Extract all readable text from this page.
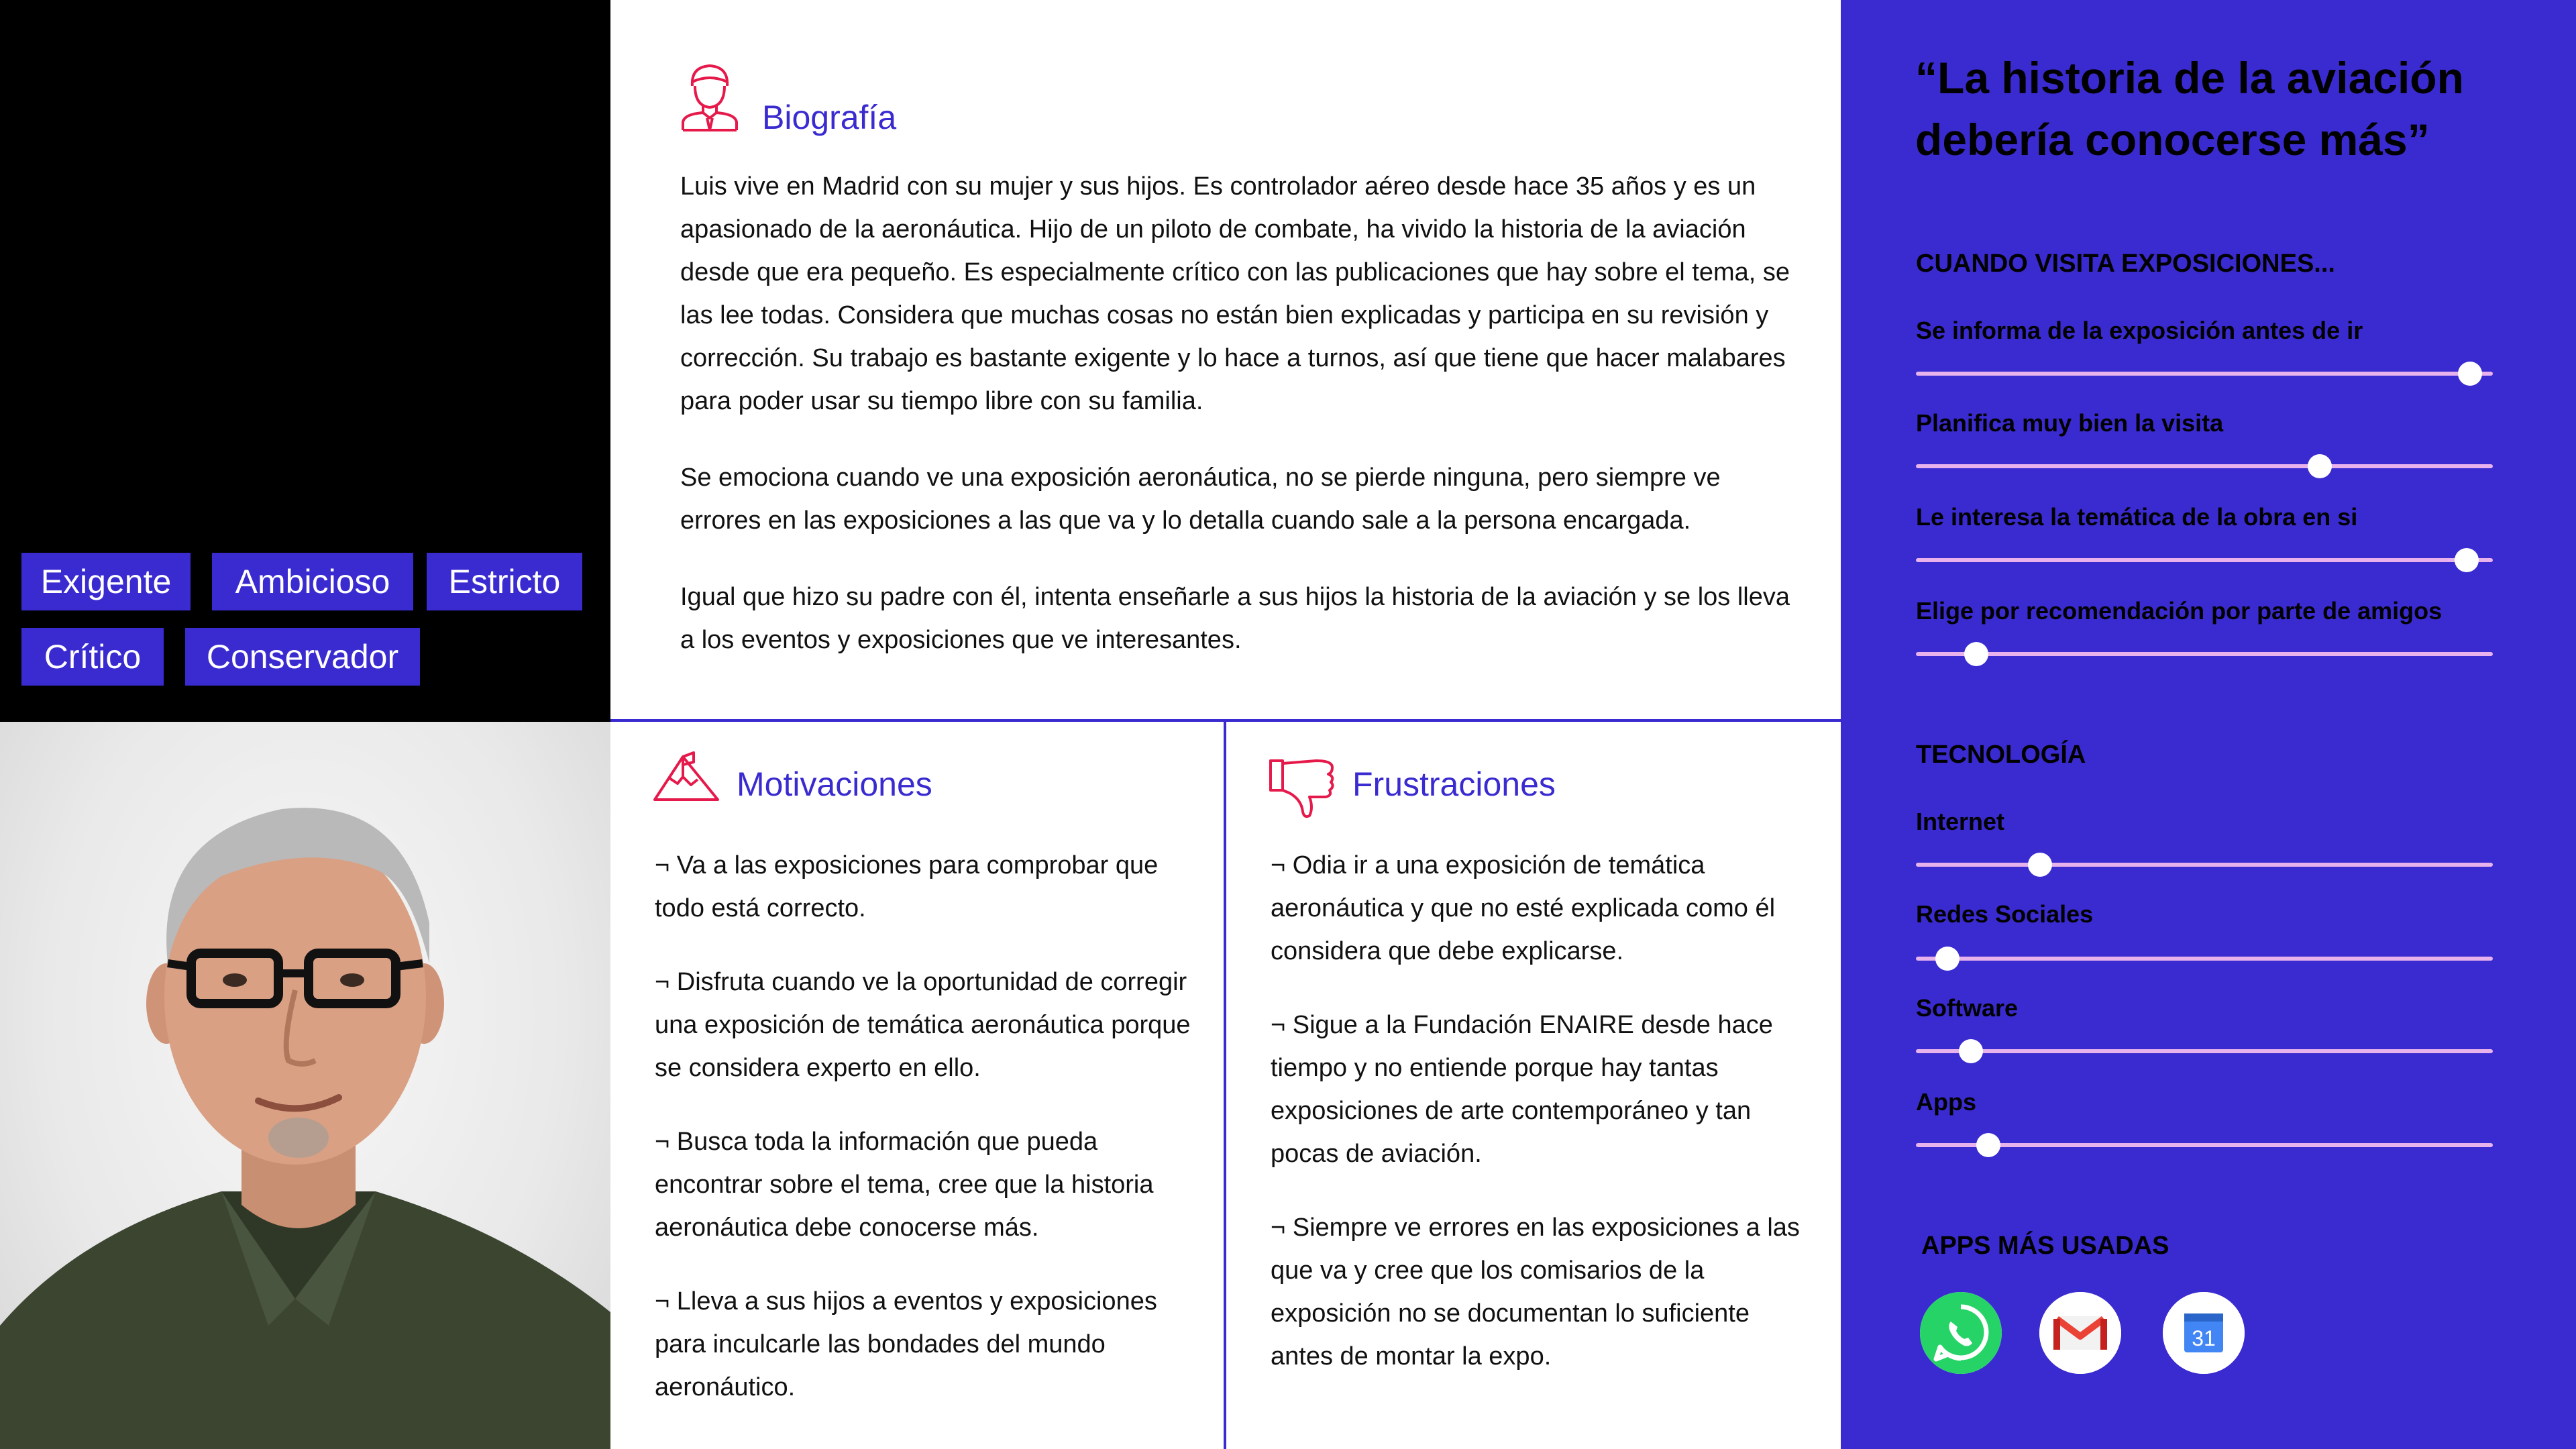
Luis González
Controlador aéreo
¬ 60 años, Madrid
¬ Casado con hijos
Exigente	Ambicioso	Estricto
Crítico	Conservador
Biografía

Luis vive en Madrid con su mujer y sus hijos. Es controlador aéreo desde hace 35 años y es un apasionado de la aeronáutica. Hijo de un piloto de combate, ha vivido la historia de la aviación desde que era pequeño. Es especialmente crítico con las publicaciones que hay sobre el tema, se las lee todas. Considera que muchas cosas no están bien explicadas y participa en su revisión y corrección. Su trabajo es bastante exigente y lo hace a turnos, así que tiene que hacer malabares para poder usar su tiempo libre con su familia.

Se emociona cuando ve una exposición aeronáutica, no se pierde ninguna, pero siempre ve errores en las exposiciones a las que va y lo detalla cuando sale a la persona encargada.

Igual que hizo su padre con él, intenta enseñarle a sus hijos la historia de la aviación y se los lleva a los eventos y exposiciones que ve interesantes.

Motivaciones

¬ Va a las exposiciones para comprobar que todo está correcto.

¬ Disfruta cuando ve la oportunidad de corregir una exposición de temática aeronáutica porque se considera experto en ello.

¬ Busca toda la información que pueda encontrar sobre el tema, cree que la historia aeronáutica debe conocerse más.

¬ Lleva a sus hijos a eventos y exposiciones para inculcarle las bondades del mundo aeronáutico.

Frustraciones

¬ Odia ir a una exposición de temática aeronáutica y que no esté explicada como él considera que debe explicarse.

¬ Sigue a la Fundación ENAIRE desde hace tiempo y no entiende porque hay tantas exposiciones de arte contemporáneo y tan pocas de aviación.

¬ Siempre ve errores en las exposiciones a las que va y cree que los comisarios de la exposición no se documentan lo suficiente antes de montar la expo.

“La historia de la aviación debería conocerse más”
CUANDO VISITA EXPOSICIONES...
Se informa de la exposición antes de ir
Planifica muy bien la visita
Le interesa la temática de la obra en si
Elige por recomendación por parte de amigos
TECNOLOGÍA
Internet
Redes Sociales
Software
Apps
APPS MÁS USADAS
31
